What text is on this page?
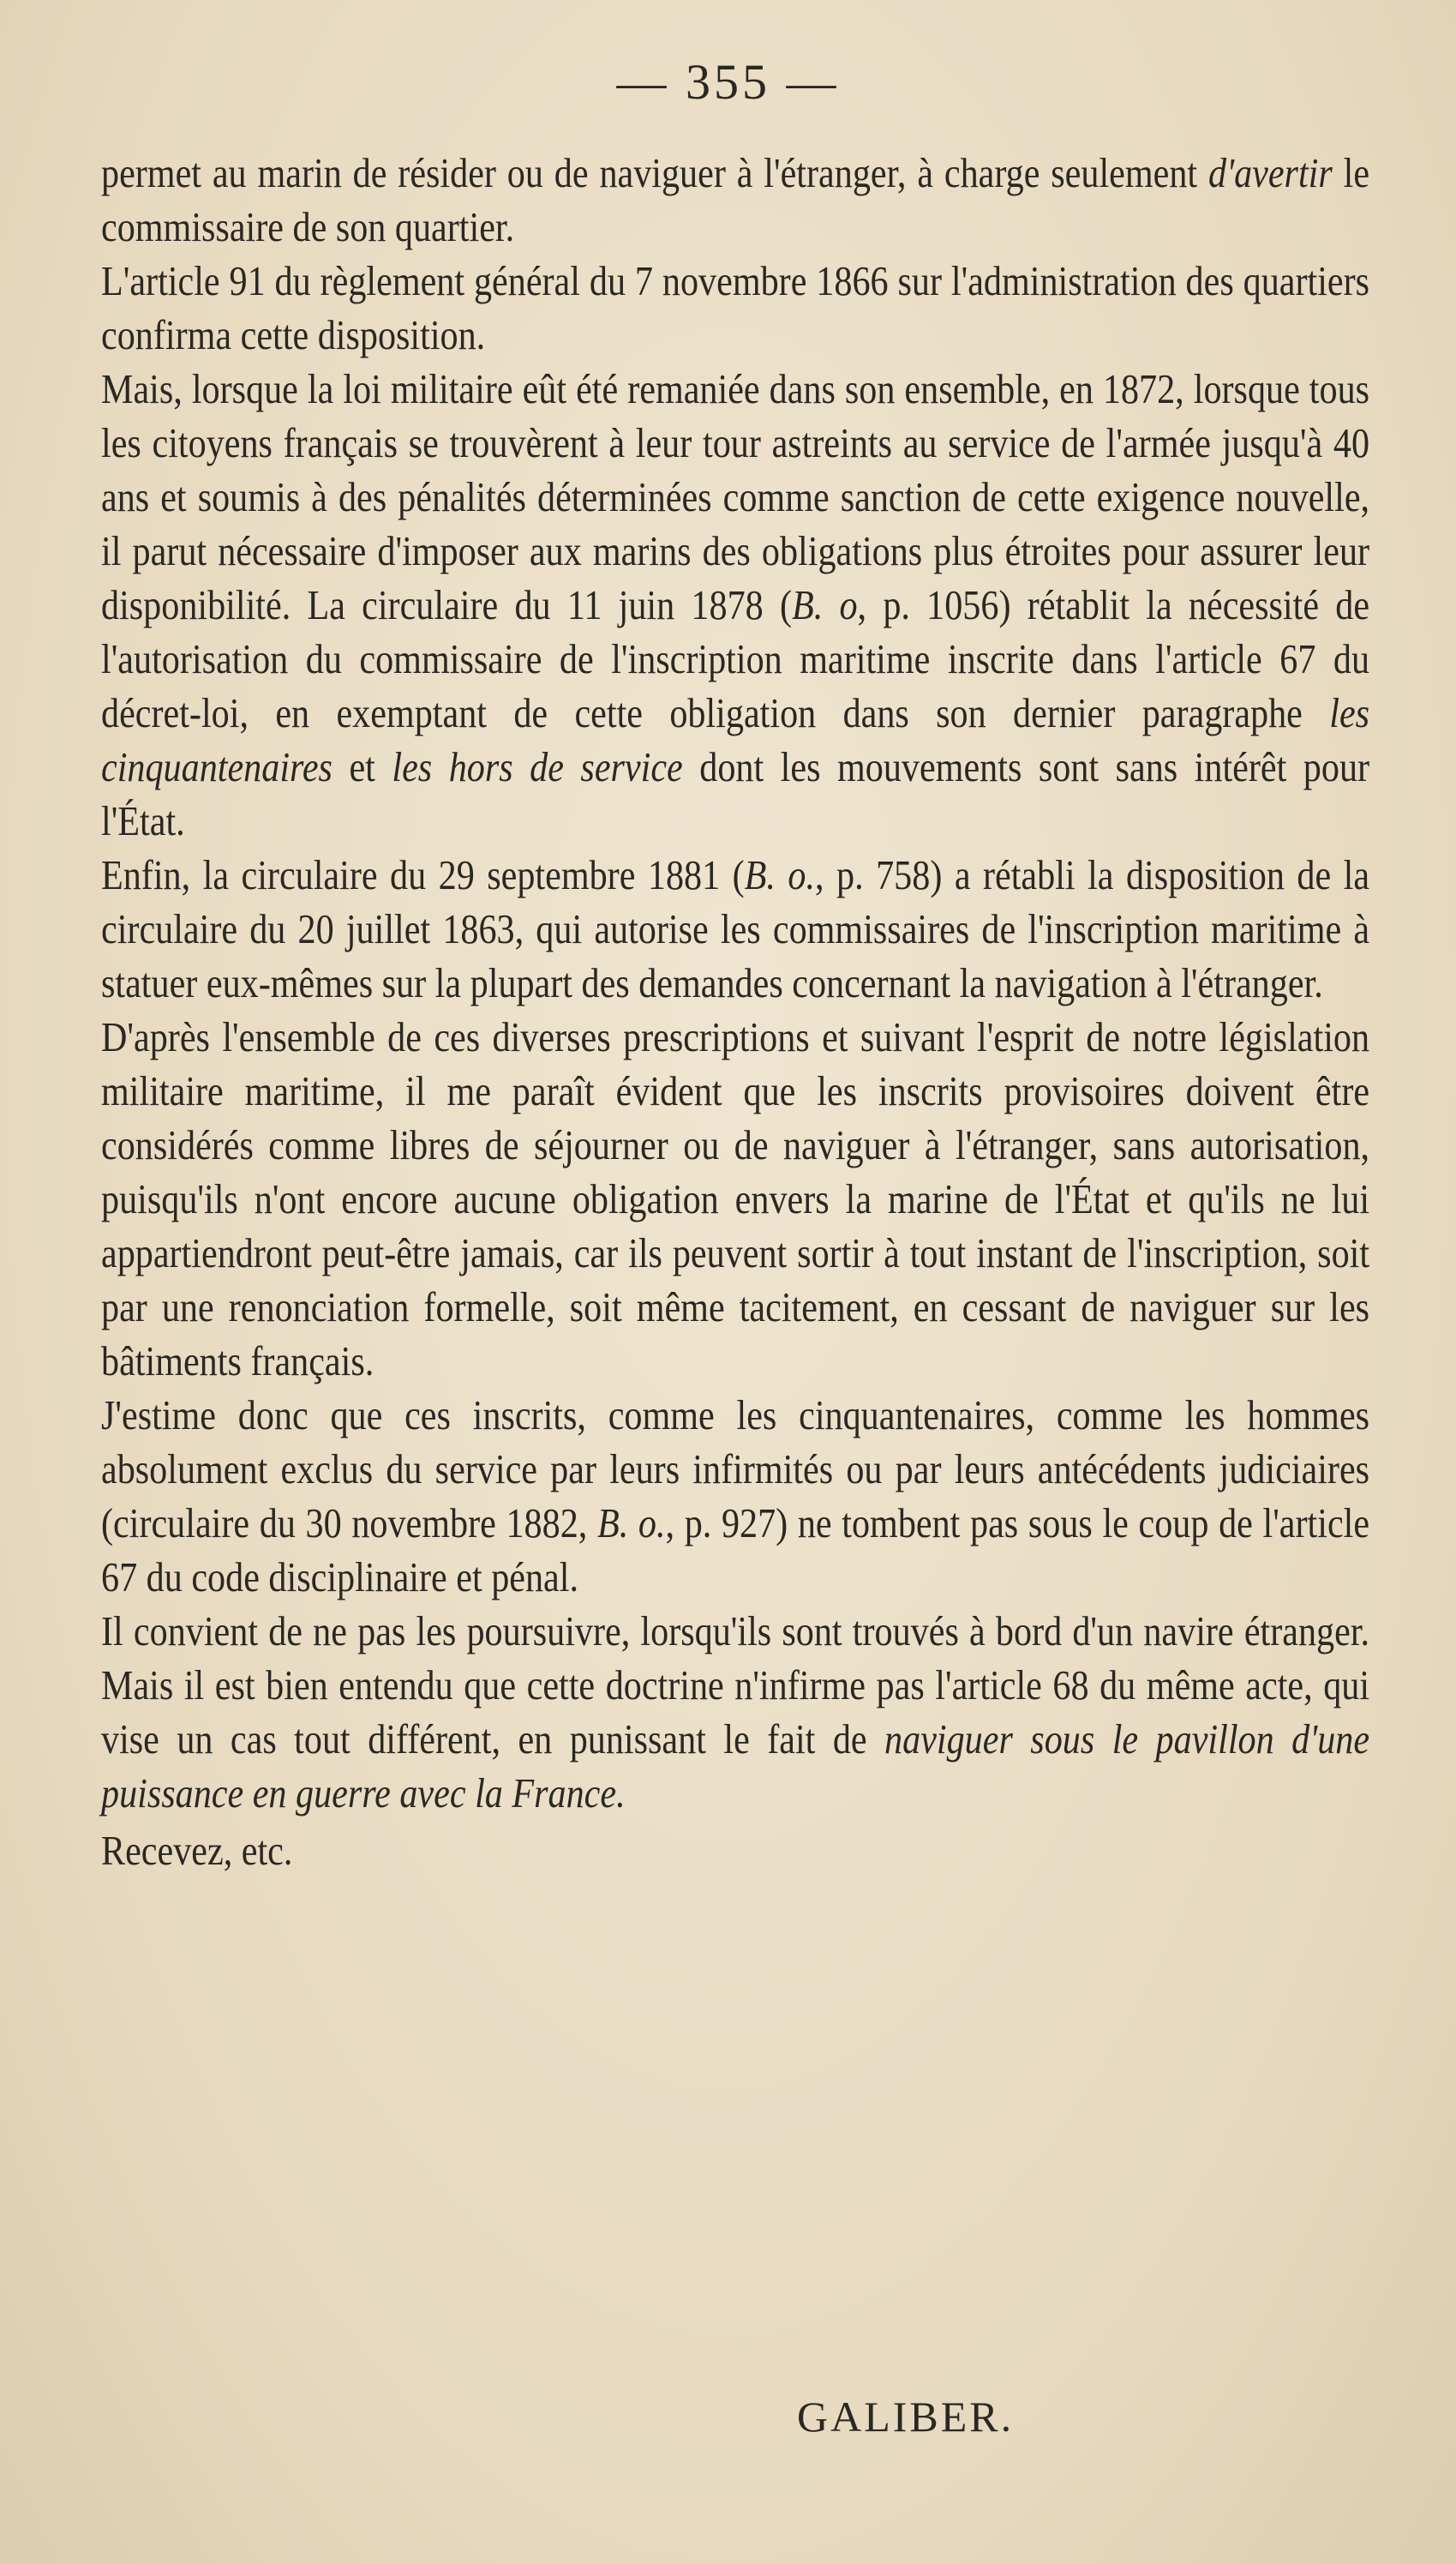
— 355 —

permet au marin de résider ou de naviguer à l'étranger, à charge seulement d'avertir le commissaire de son quartier.

L'article 91 du règlement général du 7 novembre 1866 sur l'administration des quartiers confirma cette disposition.

Mais, lorsque la loi militaire eût été remaniée dans son ensemble, en 1872, lorsque tous les citoyens français se trouvèrent à leur tour astreints au service de l'armée jusqu'à 40 ans et soumis à des pénalités déterminées comme sanction de cette exigence nouvelle, il parut nécessaire d'imposer aux marins des obligations plus étroites pour assurer leur disponibilité. La circulaire du 11 juin 1878 (B. o, p. 1056) rétablit la nécessité de l'autorisation du commissaire de l'inscription maritime inscrite dans l'article 67 du décret-loi, en exemptant de cette obligation dans son dernier paragraphe les cinquantenaires et les hors de service dont les mouvements sont sans intérêt pour l'État.

Enfin, la circulaire du 29 septembre 1881 (B. o., p. 758) a rétabli la disposition de la circulaire du 20 juillet 1863, qui autorise les commissaires de l'inscription maritime à statuer eux-mêmes sur la plupart des demandes concernant la navigation à l'étranger.

D'après l'ensemble de ces diverses prescriptions et suivant l'esprit de notre législation militaire maritime, il me paraît évident que les inscrits provisoires doivent être considérés comme libres de séjourner ou de naviguer à l'étranger, sans autorisation, puisqu'ils n'ont encore aucune obligation envers la marine de l'État et qu'ils ne lui appartiendront peut-être jamais, car ils peuvent sortir à tout instant de l'inscription, soit par une renonciation formelle, soit même tacitement, en cessant de naviguer sur les bâtiments français.

J'estime donc que ces inscrits, comme les cinquantenaires, comme les hommes absolument exclus du service par leurs infirmités ou par leurs antécédents judiciaires (circulaire du 30 novembre 1882, B. o., p. 927) ne tombent pas sous le coup de l'article 67 du code disciplinaire et pénal.

Il convient de ne pas les poursuivre, lorsqu'ils sont trouvés à bord d'un navire étranger. Mais il est bien entendu que cette doctrine n'infirme pas l'article 68 du même acte, qui vise un cas tout différent, en punissant le fait de naviguer sous le pavillon d'une puissance en guerre avec la France.

Recevez, etc.

GALIBER.
